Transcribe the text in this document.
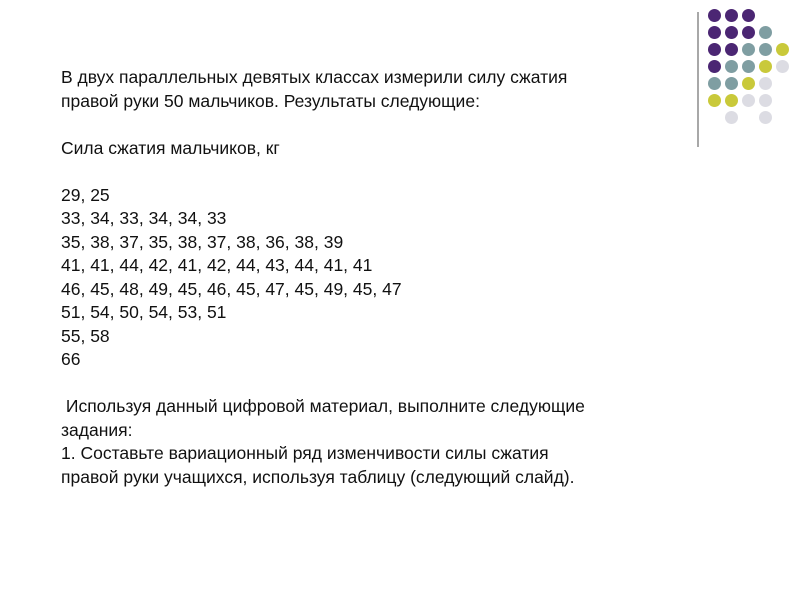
В двух параллельных девятых классах измерили силу сжатия
правой руки 50 мальчиков. Результаты следующие:
Сила сжатия мальчиков, кг
29, 25
33, 34, 33, 34, 34, 33
35, 38, 37, 35, 38, 37, 38, 36, 38, 39
41, 41, 44, 42, 41, 42, 44, 43, 44, 41, 41
46, 45, 48, 49, 45, 46, 45, 47, 45, 49, 45, 47
51, 54, 50, 54, 53, 51
55, 58
66
Используя данный цифровой материал, выполните следующие
задания:
1. Составьте вариационный ряд изменчивости силы сжатия
правой руки учащихся, используя таблицу (следующий слайд).
